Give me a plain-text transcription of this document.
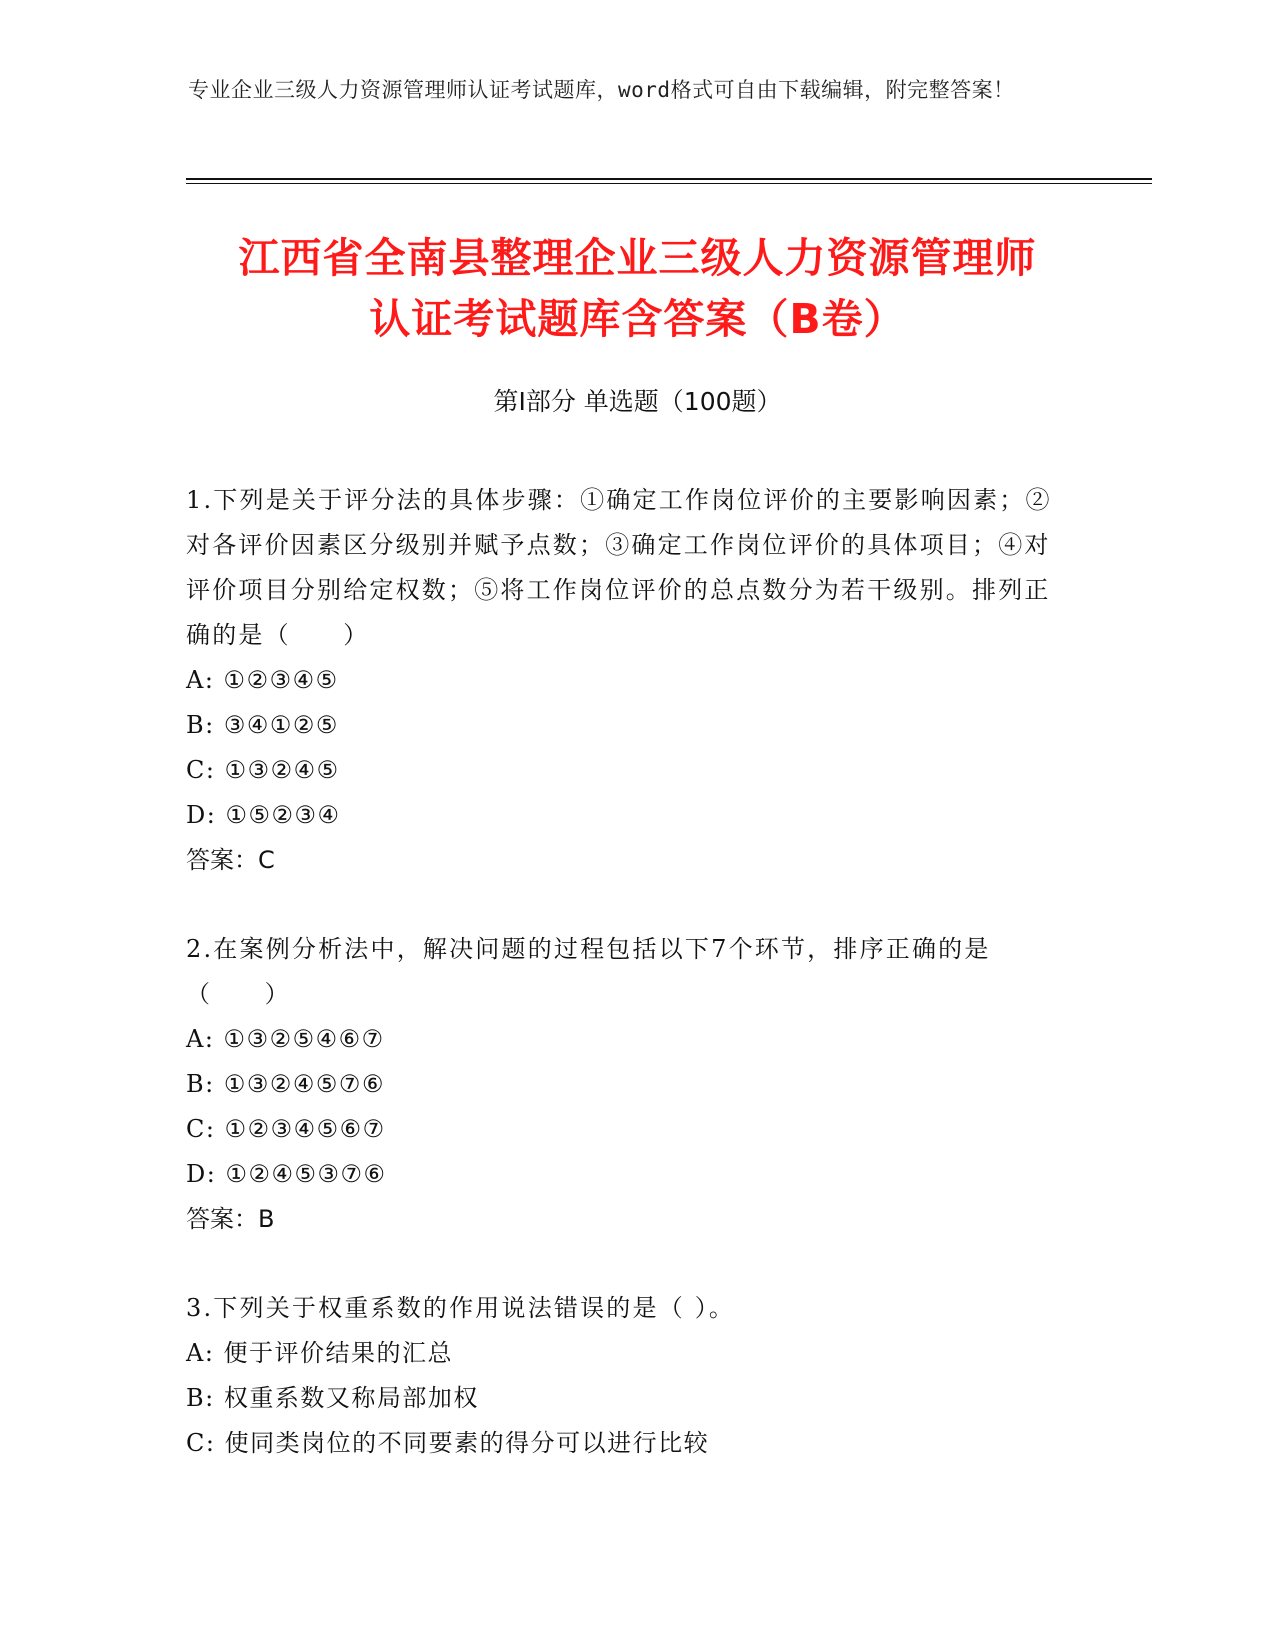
专业企业三级人力资源管理师认证考试题库，word格式可自由下载编辑，附完整答案！
江西省全南县整理企业三级人力资源管理师
认证考试题库含答案（B卷）
第Ⅰ部分 单选题（100题）

1.下列是关于评分法的具体步骤：①确定工作岗位评价的主要影响因素；②对各评价因素区分级别并赋予点数；③确定工作岗位评价的具体项目；④对评价项目分别给定权数；⑤将工作岗位评价的总点数分为若干级别。排列正确的是（　　）

A: ①②③④⑤
B: ③④①②⑤
C: ①③②④⑤
D: ①⑤②③④
答案：C

2.在案例分析法中，解决问题的过程包括以下7个环节，排序正确的是（　　）

A: ①③②⑤④⑥⑦
B: ①③②④⑤⑦⑥
C: ①②③④⑤⑥⑦
D: ①②④⑤③⑦⑥
答案：B

3.下列关于权重系数的作用说法错误的是（ ）。

A: 便于评价结果的汇总
B: 权重系数又称局部加权
C: 使同类岗位的不同要素的得分可以进行比较
